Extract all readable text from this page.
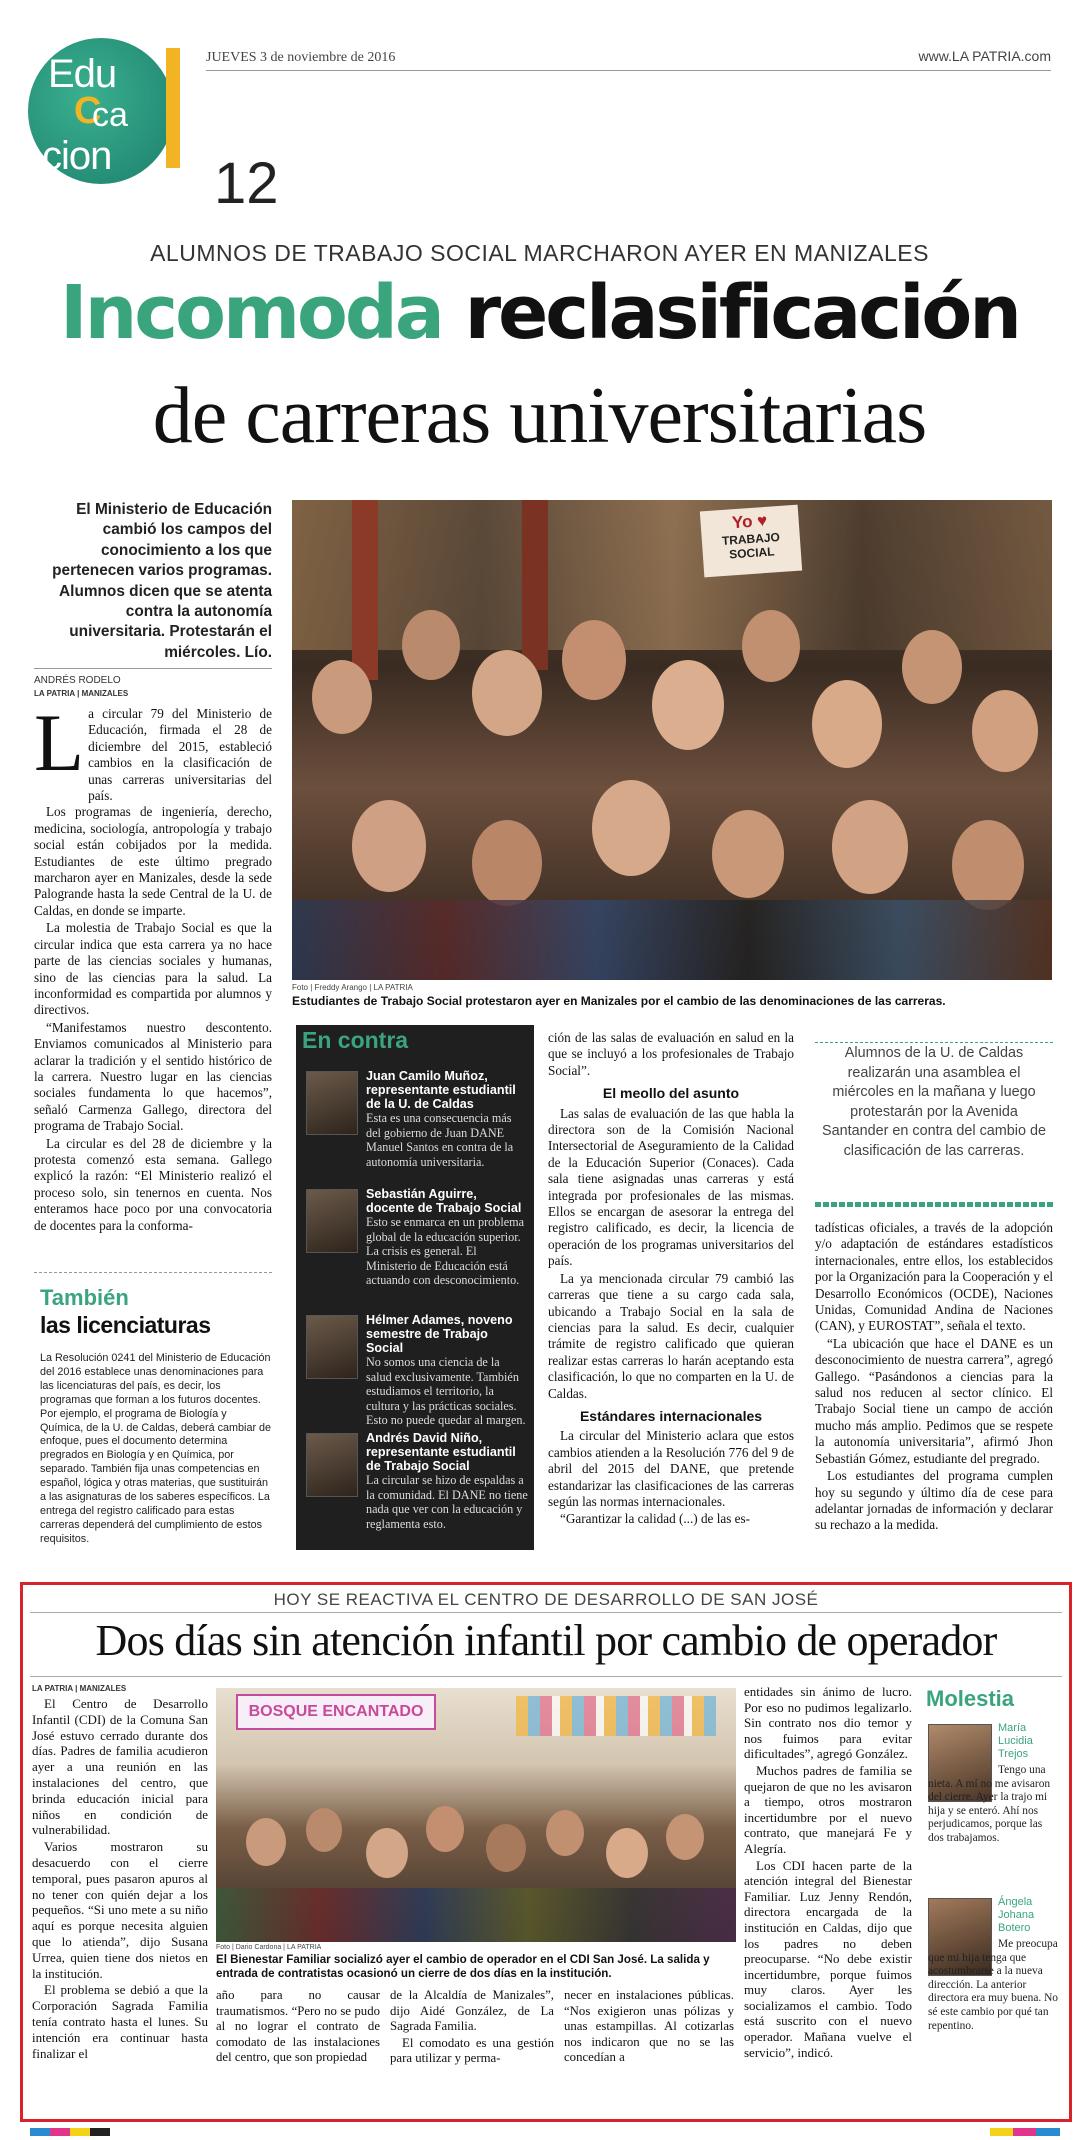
Edu
C
ca
cion
JUEVES 3 de noviembre de 2016	www.LA PATRIA.com
12
ALUMNOS DE TRABAJO SOCIAL MARCHARON AYER EN MANIZALES
Incomoda reclasificación
de carreras universitarias
El Ministerio de Educación cambió los campos del conocimiento a los que pertenecen varios programas. Alumnos dicen que se atenta contra la autonomía universitaria. Protestarán el miércoles. Lío.
ANDRÉS RODELO
LA PATRIA | MANIZALES
L a circular 79 del Ministerio de Educación, firmada el 28 de diciembre del 2015, estableció cambios en la clasificación de unas carreras universitarias del país.

Los programas de ingeniería, derecho, medicina, sociología, antropología y trabajo social están cobijados por la medida. Estudiantes de este último pregrado marcharon ayer en Manizales, desde la sede Palogrande hasta la sede Central de la U. de Caldas, en donde se imparte.

La molestia de Trabajo Social es que la circular indica que esta carrera ya no hace parte de las ciencias sociales y humanas, sino de las ciencias para la salud. La inconformidad es compartida por alumnos y directivos.

“Manifestamos nuestro descontento. Enviamos comunicados al Ministerio para aclarar la tradición y el sentido histórico de la carrera. Nuestro lugar en las ciencias sociales fundamenta lo que hacemos”, señaló Carmenza Gallego, directora del programa de Trabajo Social.

La circular es del 28 de diciembre y la protesta comenzó esta semana. Gallego explicó la razón: “El Ministerio realizó el proceso solo, sin tenernos en cuenta. Nos enteramos hace poco por una convocatoria de docentes para la conforma-

Yo ♥
TRABAJO SOCIAL
Foto | Freddy Arango | LA PATRIA
Estudiantes de Trabajo Social protestaron ayer en Manizales por el cambio de las denominaciones de las carreras.
En contra
Juan Camilo Muñoz, representante estudiantil de la U. de Caldas
Esta es una consecuencia más del gobierno de Juan DANE Manuel Santos en contra de la autonomía universitaria.
Sebastián Aguirre, docente de Trabajo Social
Esto se enmarca en un problema global de la educación superior. La crisis es general. El Ministerio de Educación está actuando con desconocimiento.
Hélmer Adames, noveno semestre de Trabajo Social
No somos una ciencia de la salud exclusivamente. También estudiamos el territorio, la cultura y las prácticas sociales. Esto no puede quedar al margen.
Andrés David Niño, representante estudiantil de Trabajo Social
La circular se hizo de espaldas a la comunidad. El DANE no tiene nada que ver con la educación y reglamenta esto.
También
las licenciaturas
La Resolución 0241 del Ministerio de Educación del 2016 establece unas denominaciones para las licenciaturas del país, es decir, los programas que forman a los futuros docentes. Por ejemplo, el programa de Biología y Química, de la U. de Caldas, deberá cambiar de enfoque, pues el documento determina pregrados en Biología y en Química, por separado. También fija unas competencias en español, lógica y otras materias, que sustituirán a las asignaturas de los saberes específicos. La entrega del registro calificado para estas carreras dependerá del cumplimiento de estos requisitos.

ción de las salas de evaluación en salud en la que se incluyó a los profesionales de Trabajo Social”.

El meollo del asunto

Las salas de evaluación de las que habla la directora son de la Comisión Nacional Intersectorial de Aseguramiento de la Calidad de la Educación Superior (Conaces). Cada sala tiene asignadas unas carreras y está integrada por profesionales de las mismas. Ellos se encargan de asesorar la entrega del registro calificado, es decir, la licencia de operación de los programas universitarios del país.

La ya mencionada circular 79 cambió las carreras que tiene a su cargo cada sala, ubicando a Trabajo Social en la sala de ciencias para la salud. Es decir, cualquier trámite de registro calificado que quieran realizar estas carreras lo harán aceptando esta clasificación, lo que no comparten en la U. de Caldas.

Estándares internacionales

La circular del Ministerio aclara que estos cambios atienden a la Resolución 776 del 9 de abril del 2015 del DANE, que pretende estandarizar las clasificaciones de las carreras según las normas internacionales.

“Garantizar la calidad (...) de las es-

Alumnos de la U. de Caldas realizarán una asamblea el miércoles en la mañana y luego protestarán por la Avenida Santander en contra del cambio de clasificación de las carreras.

tadísticas oficiales, a través de la adopción y/o adaptación de estándares estadísticos internacionales, entre ellos, los establecidos por la Organización para la Cooperación y el Desarrollo Económicos (OCDE), Naciones Unidas, Comunidad Andina de Naciones (CAN), y EUROSTAT”, señala el texto.

“La ubicación que hace el DANE es un desconocimiento de nuestra carrera”, agregó Gallego. “Pasándonos a ciencias para la salud nos reducen al sector clínico. El Trabajo Social tiene un campo de acción mucho más amplio. Pedimos que se respete la autonomía universitaria”, afirmó Jhon Sebastián Gómez, estudiante del pregrado.

Los estudiantes del programa cumplen hoy su segundo y último día de cese para adelantar jornadas de información y declarar su rechazo a la medida.

HOY SE REACTIVA EL CENTRO DE DESARROLLO DE SAN JOSÉ
Dos días sin atención infantil por cambio de operador
LA PATRIA | MANIZALES

El Centro de Desarrollo Infantil (CDI) de la Comuna San José estuvo cerrado durante dos días. Padres de familia acudieron ayer a una reunión en las instalaciones del centro, que brinda educación inicial para niños en condición de vulnerabilidad.

Varios mostraron su desacuerdo con el cierre temporal, pues pasaron apuros al no tener con quién dejar a los pequeños. “Si uno mete a su niño aquí es porque necesita alguien que lo atienda”, dijo Susana Urrea, quien tiene dos nietos en la institución.

El problema se debió a que la Corporación Sagrada Familia tenía contrato hasta el lunes. Su intención era continuar hasta finalizar el

BOSQUE ENCANTADO
Foto | Dario Cardona | LA PATRIA
El Bienestar Familiar socializó ayer el cambio de operador en el CDI San José. La salida y entrada de contratistas ocasionó un cierre de dos días en la institución.

año para no causar traumatismos. “Pero no se pudo al no lograr el contrato de comodato de las instalaciones del centro, que son propiedad

de la Alcaldía de Manizales”, dijo Aidé González, de La Sagrada Familia.

El comodato es una gestión para utilizar y perma-

necer en instalaciones públicas. “Nos exigieron unas pólizas y unas estampillas. Al cotizarlas nos indicaron que no se las concedían a

entidades sin ánimo de lucro. Por eso no pudimos legalizarlo. Sin contrato nos dio temor y nos fuimos para evitar dificultades”, agregó González.

Muchos padres de familia se quejaron de que no les avisaron a tiempo, otros mostraron incertidumbre por el nuevo contrato, que manejará Fe y Alegría.

Los CDI hacen parte de la atención integral del Bienestar Familiar. Luz Jenny Rendón, directora encargada de la institución en Caldas, dijo que los padres no deben preocuparse. “No debe existir incertidumbre, porque fuimos muy claros. Ayer les socializamos el cambio. Todo está suscrito con el nuevo operador. Mañana vuelve el servicio”, indicó.

Molestia
María Lucidia Trejos
Tengo una nieta. A mí no me avisaron del cierre. Ayer la trajo mi hija y se enteró. Ahí nos perjudicamos, porque las dos trabajamos.
Ángela Johana Botero
Me preocupa que mi hija tenga que acostumbrarse a la nueva dirección. La anterior directora era muy buena. No sé este cambio por qué tan repentino.
